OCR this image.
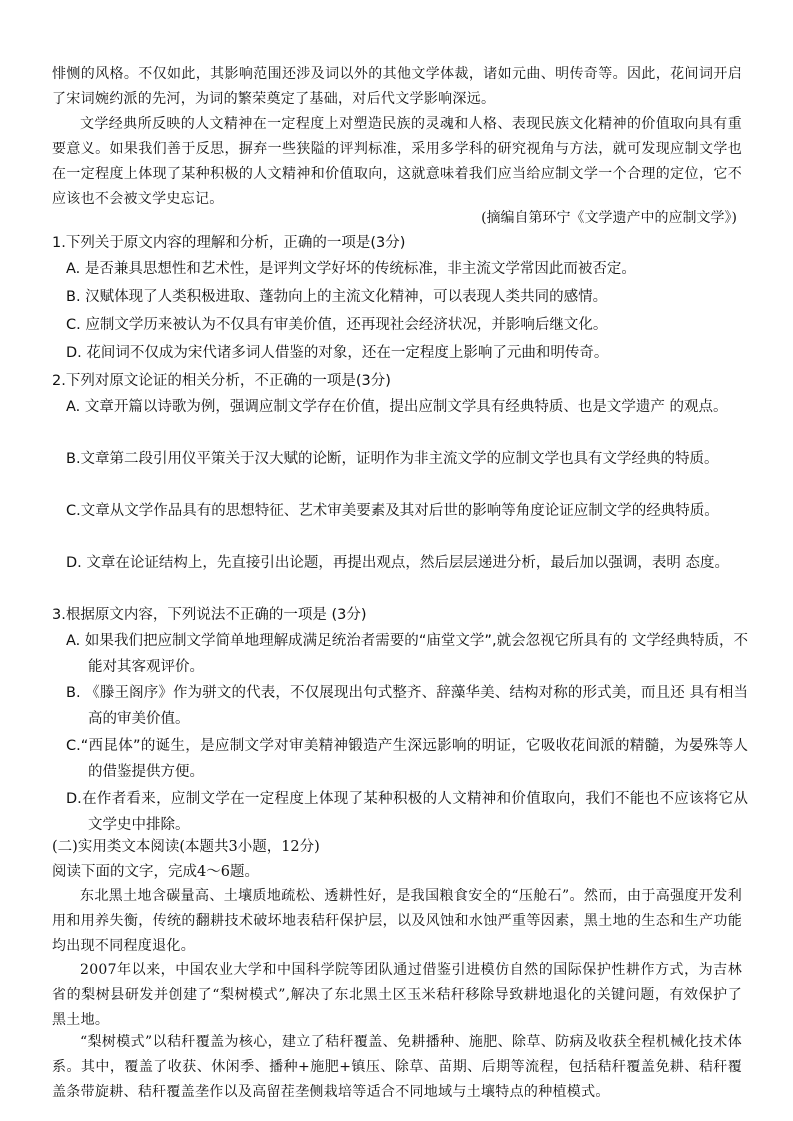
悱恻的风格。不仅如此，其影响范围还涉及词以外的其他文学体裁，诸如元曲、明传奇等。因此，花间词开启了宋词婉约派的先河，为词的繁荣奠定了基础，对后代文学影响深远。

文学经典所反映的人文精神在一定程度上对塑造民族的灵魂和人格、表现民族文化精神的价值取向具有重要意义。如果我们善于反思，摒弃一些狭隘的评判标准，采用多学科的研究视角与方法，就可发现应制文学也在一定程度上体现了某种积极的人文精神和价值取向，这就意味着我们应当给应制文学一个合理的定位，它不应该也不会被文学史忘记。

(摘编自第环宁《文学遗产中的应制文学》)
1.下列关于原文内容的理解和分析，正确的一项是(3分)
A. 是否兼具思想性和艺术性，是评判文学好坏的传统标准，非主流文学常因此而被否定。
B. 汉赋体现了人类积极进取、蓬勃向上的主流文化精神，可以表现人类共同的感情。
C. 应制文学历来被认为不仅具有审美价值，还再现社会经济状况，并影响后继文化。
D. 花间词不仅成为宋代诸多词人借鉴的对象，还在一定程度上影响了元曲和明传奇。
2.下列对原文论证的相关分析，不正确的一项是(3分)
A. 文章开篇以诗歌为例，强调应制文学存在价值，提出应制文学具有经典特质、也是文学遗产 的观点。
B.文章第二段引用仪平策关于汉大赋的论断，证明作为非主流文学的应制文学也具有文学经典的特质。
C.文章从文学作品具有的思想特征、艺术审美要素及其对后世的影响等角度论证应制文学的经典特质。
D. 文章在论证结构上，先直接引出论题，再提出观点，然后层层递进分析，最后加以强调，表明 态度。
3.根据原文内容，下列说法不正确的一项是 (3分)
A. 如果我们把应制文学简单地理解成满足统治者需要的“庙堂文学”,就会忽视它所具有的 文学经典特质，不能对其客观评价。
B. 《滕王阁序》作为骈文的代表，不仅展现出句式整齐、辞藻华美、结构对称的形式美，而且还 具有相当高的审美价值。
C.“西昆体”的诞生，是应制文学对审美精神锻造产生深远影响的明证，它吸收花间派的精髓，为晏殊等人的借鉴提供方便。
D.在作者看来，应制文学在一定程度上体现了某种积极的人文精神和价值取向，我们不能也不应该将它从文学史中排除。
(二)实用类文本阅读(本题共3小题，12分)
阅读下面的文字，完成4～6题。

东北黑土地含碳量高、土壤质地疏松、透耕性好，是我国粮食安全的“压舱石”。然而，由于高强度开发利用和用养失衡，传统的翻耕技术破坏地表秸秆保护层，以及风蚀和水蚀严重等因素，黑土地的生态和生产功能均出现不同程度退化。

2007年以来，中国农业大学和中国科学院等团队通过借鉴引进模仿自然的国际保护性耕作方式，为吉林省的梨树县研发并创建了“梨树模式”,解决了东北黑土区玉米秸秆移除导致耕地退化的关键问题，有效保护了黑土地。

“梨树模式”以秸秆覆盖为核心，建立了秸秆覆盖、免耕播种、施肥、除草、防病及收获全程机械化技术体系。其中，覆盖了收获、休闲季、播种+施肥+镇压、除草、苗期、后期等流程，包括秸秆覆盖免耕、秸秆覆盖条带旋耕、秸秆覆盖垄作以及高留茬垄侧栽培等适合不同地域与土壤特点的种植模式。
